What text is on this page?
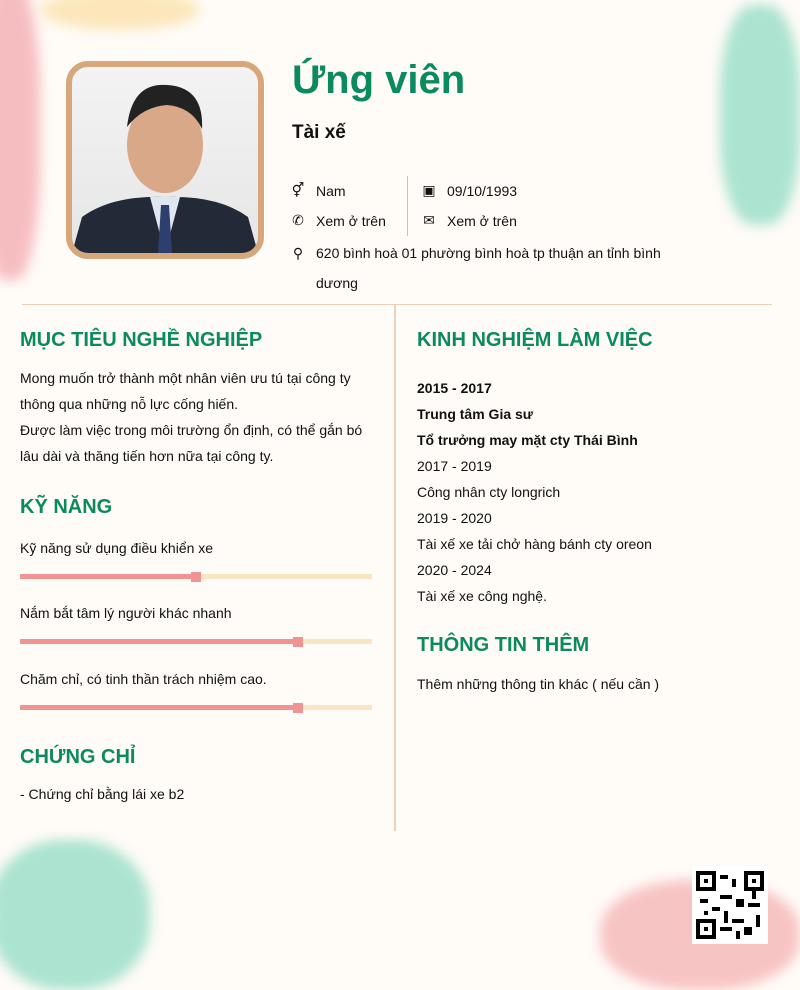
Ứng viên
Tài xế
⚥ Nam
✆ Xem ở trên
▣ 09/10/1993
✉ Xem ở trên
⚲ 620 bình hoà 01 phường bình hoà tp thuận an tỉnh bình dương
MỤC TIÊU NGHỀ NGHIỆP
Mong muốn trở thành một nhân viên ưu tú tại công ty
thông qua những nỗ lực cống hiến.
Được làm việc trong môi trường ổn định, có thể gắn bó
lâu dài và thăng tiến hơn nữa tại công ty.
KỸ NĂNG
Kỹ năng sử dụng điều khiển xe
Nắm bắt tâm lý người khác nhanh
Chăm chỉ, có tinh thần trách nhiệm cao.
CHỨNG CHỈ
- Chứng chỉ bằng lái xe b2
KINH NGHIỆM LÀM VIỆC
2015 - 2017
Trung tâm Gia sư
Tổ trưởng may mặt cty Thái Bình
2017 - 2019
Công nhân cty longrich
2019 - 2020
Tài xế xe tải chở hàng bánh cty oreon
2020 - 2024
Tài xế xe công nghệ.
THÔNG TIN THÊM
Thêm những thông tin khác ( nếu cần )
